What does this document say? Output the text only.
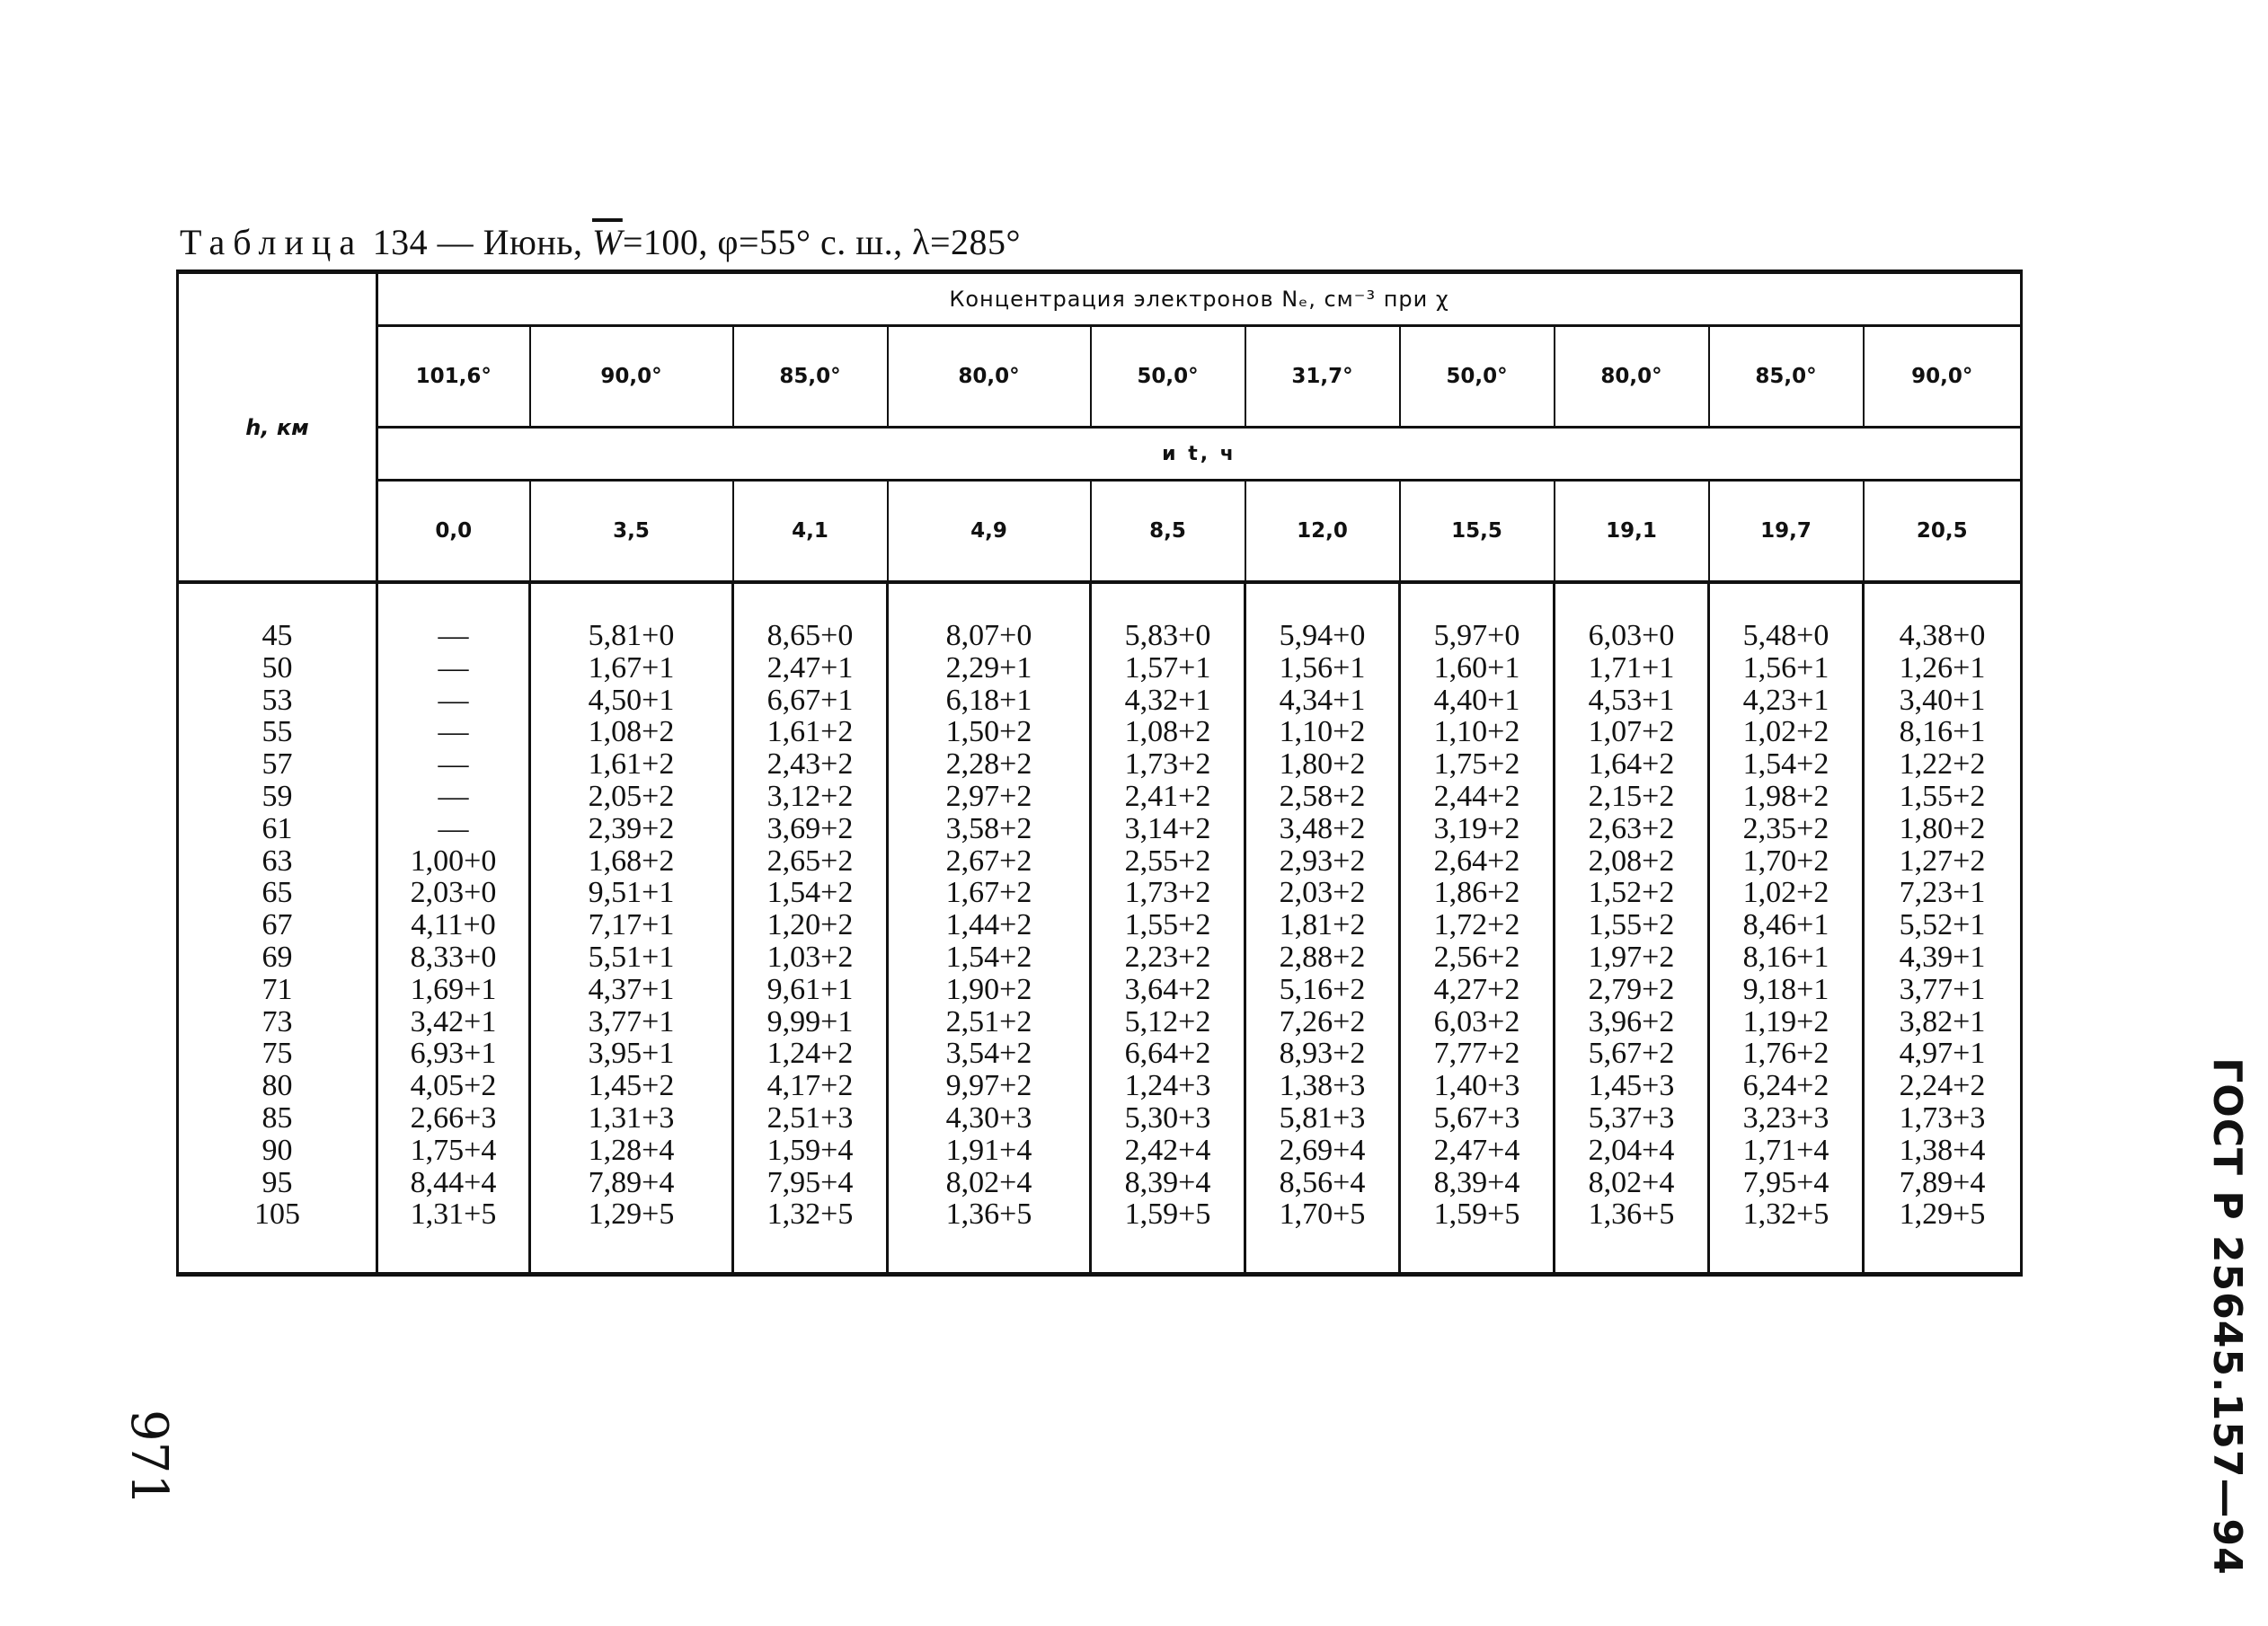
Таблица 134 — Июнь, $\overline{W}=100$, φ=55° с. ш., λ=285°
h, км	Концентрация электронов Nₑ, см⁻³ при χ									
	101,6°	90,0°	85,0°	80,0°	50,0°	31,7°	50,0°	80,0°	85,0°	90,0°
	и t, ч									
	0,0	3,5	4,1	4,9	8,5	12,0	15,5	19,1	19,7	20,5

45	—	5,81+0	8,65+0	8,07+0	5,83+0	5,94+0	5,97+0	6,03+0	5,48+0	4,38+0
50	—	1,67+1	2,47+1	2,29+1	1,57+1	1,56+1	1,60+1	1,71+1	1,56+1	1,26+1
53	—	4,50+1	6,67+1	6,18+1	4,32+1	4,34+1	4,40+1	4,53+1	4,23+1	3,40+1
55	—	1,08+2	1,61+2	1,50+2	1,08+2	1,10+2	1,10+2	1,07+2	1,02+2	8,16+1
57	—	1,61+2	2,43+2	2,28+2	1,73+2	1,80+2	1,75+2	1,64+2	1,54+2	1,22+2
59	—	2,05+2	3,12+2	2,97+2	2,41+2	2,58+2	2,44+2	2,15+2	1,98+2	1,55+2
61	—	2,39+2	3,69+2	3,58+2	3,14+2	3,48+2	3,19+2	2,63+2	2,35+2	1,80+2
63	1,00+0	1,68+2	2,65+2	2,67+2	2,55+2	2,93+2	2,64+2	2,08+2	1,70+2	1,27+2
65	2,03+0	9,51+1	1,54+2	1,67+2	1,73+2	2,03+2	1,86+2	1,52+2	1,02+2	7,23+1
67	4,11+0	7,17+1	1,20+2	1,44+2	1,55+2	1,81+2	1,72+2	1,55+2	8,46+1	5,52+1
69	8,33+0	5,51+1	1,03+2	1,54+2	2,23+2	2,88+2	2,56+2	1,97+2	8,16+1	4,39+1
71	1,69+1	4,37+1	9,61+1	1,90+2	3,64+2	5,16+2	4,27+2	2,79+2	9,18+1	3,77+1
73	3,42+1	3,77+1	9,99+1	2,51+2	5,12+2	7,26+2	6,03+2	3,96+2	1,19+2	3,82+1
75	6,93+1	3,95+1	1,24+2	3,54+2	6,64+2	8,93+2	7,77+2	5,67+2	1,76+2	4,97+1
80	4,05+2	1,45+2	4,17+2	9,97+2	1,24+3	1,38+3	1,40+3	1,45+3	6,24+2	2,24+2
85	2,66+3	1,31+3	2,51+3	4,30+3	5,30+3	5,81+3	5,67+3	5,37+3	3,23+3	1,73+3
90	1,75+4	1,28+4	1,59+4	1,91+4	2,42+4	2,69+4	2,47+4	2,04+4	1,71+4	1,38+4
95	8,44+4	7,89+4	7,95+4	8,02+4	8,39+4	8,56+4	8,39+4	8,02+4	7,95+4	7,89+4
105	1,31+5	1,29+5	1,32+5	1,36+5	1,59+5	1,70+5	1,59+5	1,36+5	1,32+5	1,29+5
971	ГОСТ Р 25645.157—94
